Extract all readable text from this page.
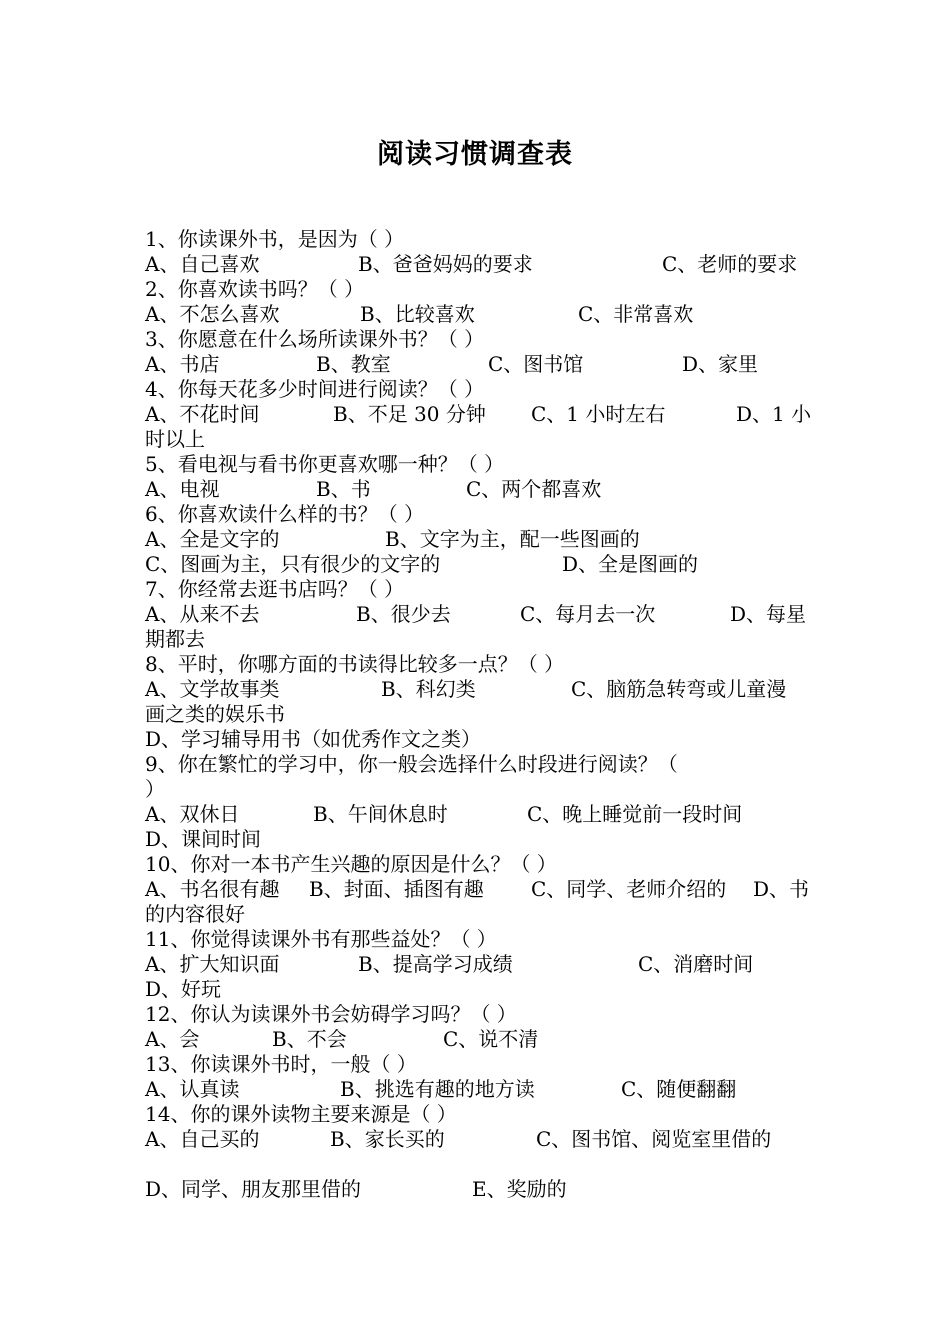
阅读习惯调查表
1、你读课外书，是因为（ ）
A、自己喜欢	B、爸爸妈妈的要求	C、老师的要求
2、你喜欢读书吗？（ ）
A、不怎么喜欢	B、比较喜欢	C、非常喜欢
3、你愿意在什么场所读课外书？（ ）
A、书店	B、教室	C、图书馆	D、家里
4、你每天花多少时间进行阅读？（ ）
A、不花时间	B、不足 30 分钟 C、1 小时左右	D、1 小
时以上
5、看电视与看书你更喜欢哪一种？（ ）
A、电视	B、书	C、两个都喜欢
6、你喜欢读什么样的书？（ ）
A、全是文字的	B、文字为主，配一些图画的
C、图画为主，只有很少的文字的	D、全是图画的
7、你经常去逛书店吗？（ ）
A、从来不去	B、很少去	C、每月去一次	D、每星
期都去
8、平时，你哪方面的书读得比较多一点？（ ）
A、文学故事类	B、科幻类	C、脑筋急转弯或儿童漫
画之类的娱乐书
D、学习辅导用书（如优秀作文之类）
9、你在繁忙的学习中，你一般会选择什么时段进行阅读？（
）
A、双休日	B、午间休息时	C、晚上睡觉前一段时间
D、课间时间
10、你对一本书产生兴趣的原因是什么？（ ）
A、书名很有趣 B、封面、插图有趣 C、同学、老师介绍的 D、书
的内容很好
11、你觉得读课外书有那些益处？（ ）
A、扩大知识面	B、提高学习成绩	C、消磨时间
D、好玩
12、你认为读课外书会妨碍学习吗？（ ）
A、会	B、不会	C、说不清
13、你读课外书时，一般（ ）
A、认真读	B、挑选有趣的地方读	C、随便翻翻
14、你的课外读物主要来源是（ ）
A、自己买的	B、家长买的	C、图书馆、阅览室里借的
D、同学、朋友那里借的	E、奖励的
